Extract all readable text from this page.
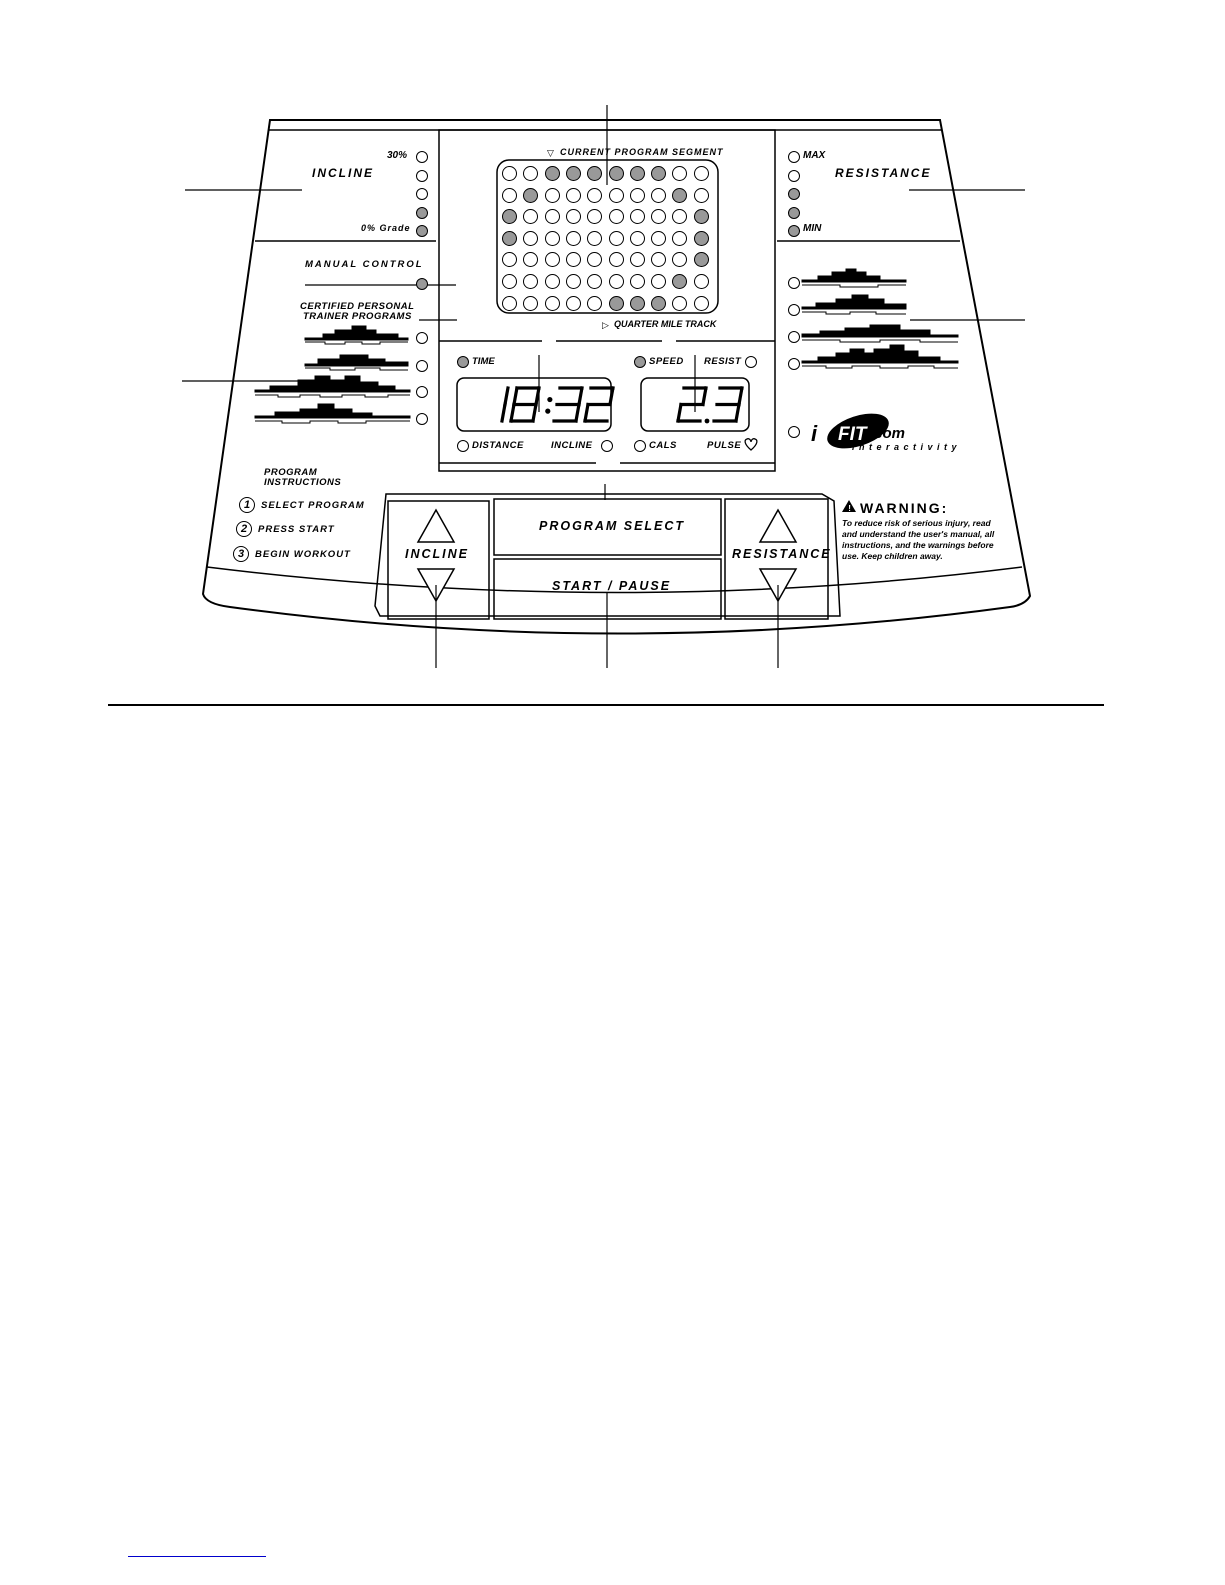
i FIT .com
interactivity
!
▽
▷
INCLINE
30%
0% Grade
RESISTANCE
MAX
MIN
CURRENT PROGRAM SEGMENT
QUARTER MILE TRACK
MANUAL CONTROL
CERTIFIED PERSONAL
TRAINER PROGRAMS
TIME
DISTANCE	INCLINE
SPEED RESIST
CALS	PULSE
PROGRAM
INSTRUCTIONS
1	SELECT PROGRAM
2	PRESS START
3	BEGIN WORKOUT	INCLINE
PROGRAM SELECT
START / PAUSE
RESISTANCE
WARNING:
To reduce risk of serious injury, read and understand the user's manual, all instructions, and the warnings before use. Keep children away.
